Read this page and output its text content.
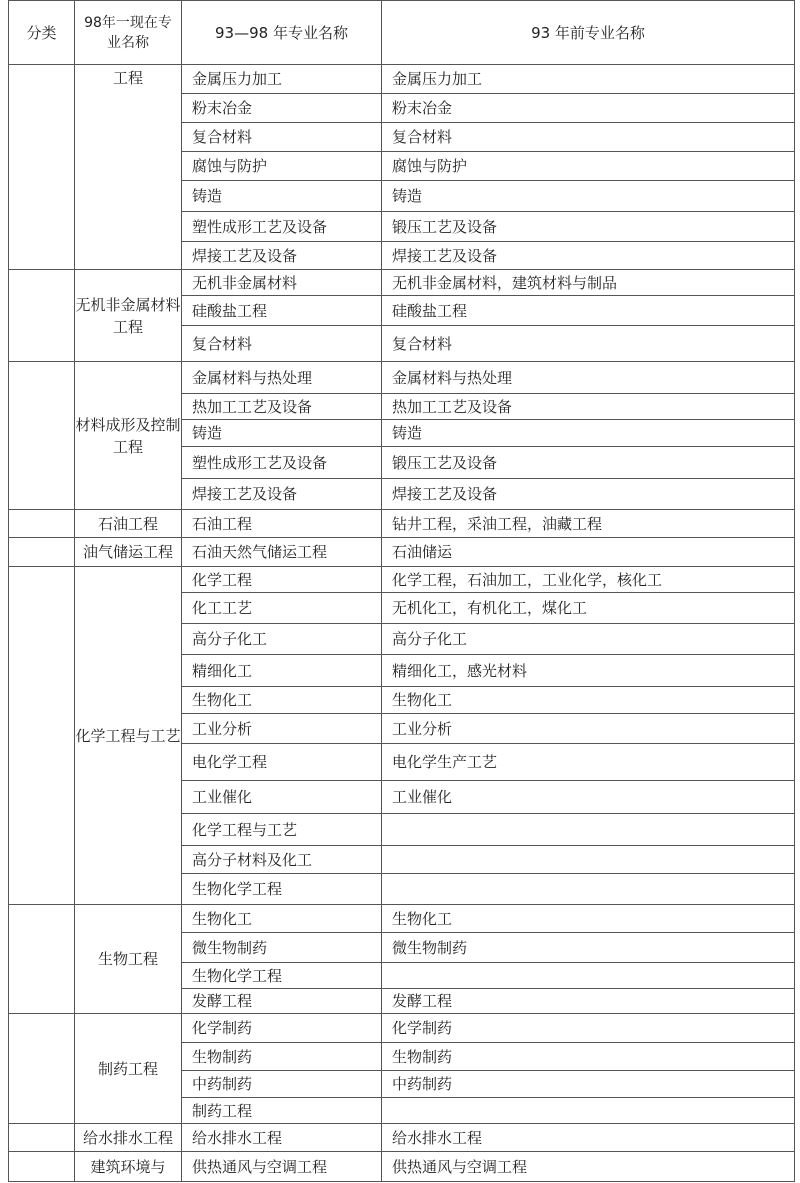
分类	98年一现在专业名称	93—98 年专业名称	93 年前专业名称
	工程	金属压力加工	金属压力加工
		粉末冶金	粉末冶金
		复合材料	复合材料
		腐蚀与防护	腐蚀与防护
		铸造	铸造
		塑性成形工艺及设备	锻压工艺及设备
		焊接工艺及设备	焊接工艺及设备
	无机非金属材料工程	无机非金属材料	无机非金属材料，建筑材料与制品
		硅酸盐工程	硅酸盐工程
		复合材料	复合材料
	材料成形及控制工程	金属材料与热处理	金属材料与热处理
		热加工工艺及设备	热加工工艺及设备
		铸造	铸造
		塑性成形工艺及设备	锻压工艺及设备
		焊接工艺及设备	焊接工艺及设备
	石油工程	石油工程	钻井工程，采油工程，油藏工程
	油气储运工程	石油天然气储运工程	石油储运
	化学工程与工艺	化学工程	化学工程，石油加工，工业化学，核化工
		化工工艺	无机化工，有机化工，煤化工
		高分子化工	高分子化工
		精细化工	精细化工，感光材料
		生物化工	生物化工
		工业分析	工业分析
		电化学工程	电化学生产工艺
		工业催化	工业催化
		化学工程与工艺	
		高分子材料及化工	
		生物化学工程	
	生物工程	生物化工	生物化工
		微生物制药	微生物制药
		生物化学工程	
		发酵工程	发酵工程
	制药工程	化学制药	化学制药
		生物制药	生物制药
		中药制药	中药制药
		制药工程	
	给水排水工程	给水排水工程	给水排水工程
	建筑环境与	供热通风与空调工程	供热通风与空调工程
